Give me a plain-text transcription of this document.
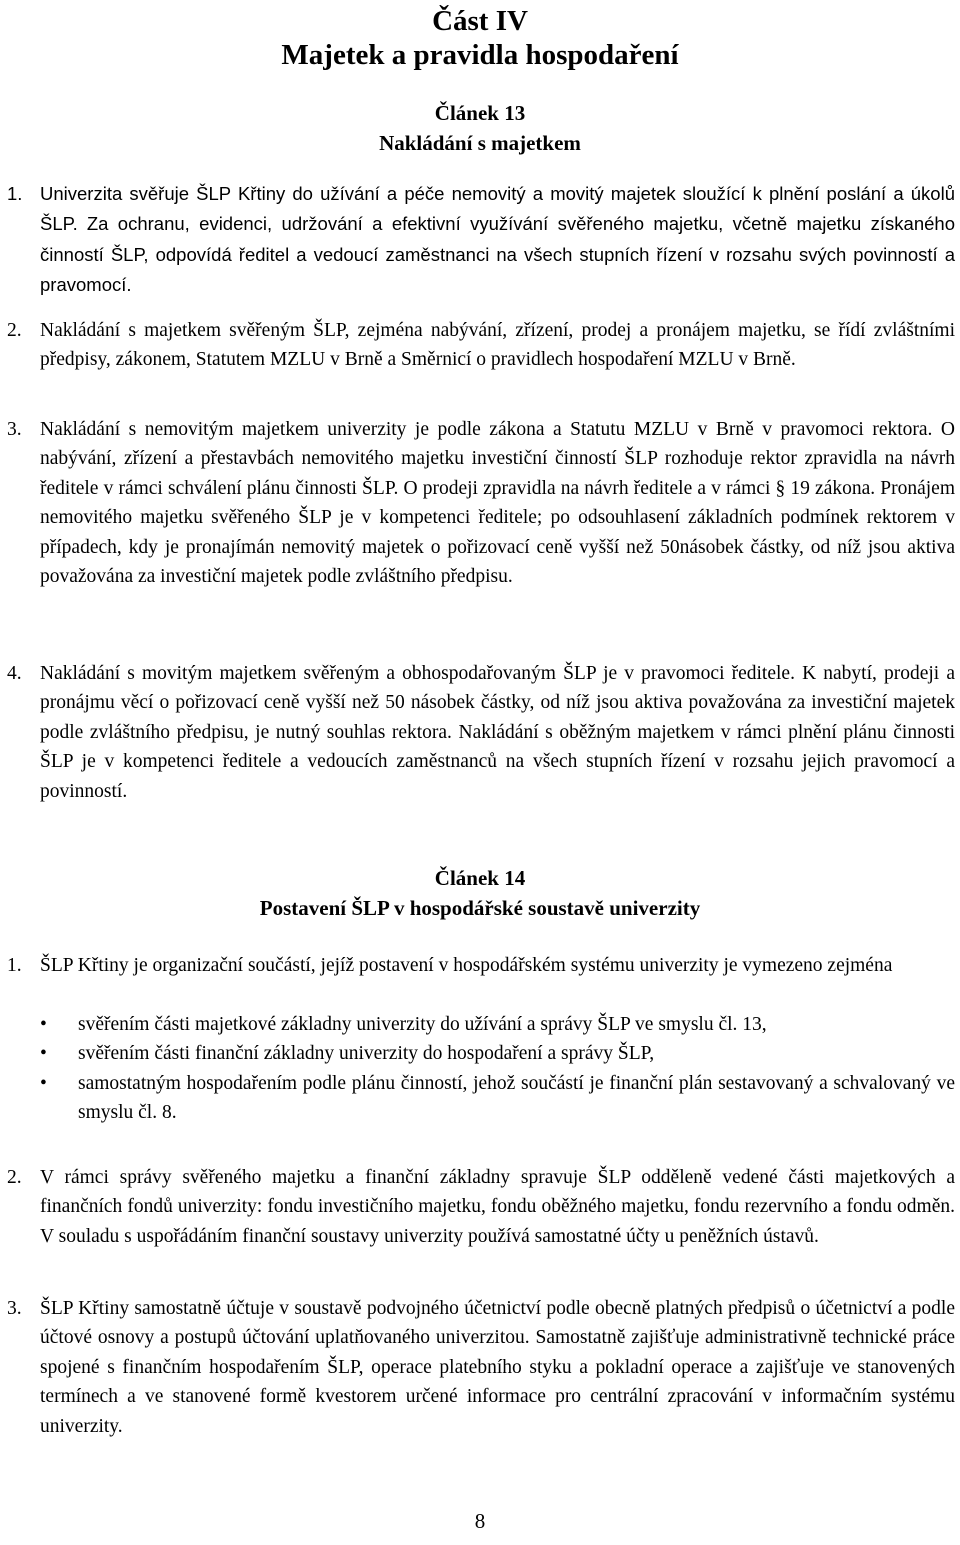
Část IV
Majetek a pravidla hospodaření
Článek 13
Nakládání s majetkem
1. Univerzita svěřuje ŠLP Křtiny do užívání a péče nemovitý a movitý majetek sloužící k plnění poslání a úkolů ŠLP. Za ochranu, evidenci, udržování a efektivní využívání svěřeného majetku, včetně majetku získaného činností ŠLP, odpovídá ředitel a vedoucí zaměstnanci na všech stupních řízení v rozsahu svých povinností a pravomocí.
2. Nakládání s majetkem svěřeným ŠLP, zejména nabývání, zřízení, prodej a pronájem majetku, se řídí zvláštními předpisy, zákonem, Statutem MZLU v Brně a Směrnicí o pravidlech hospodaření MZLU v Brně.
3. Nakládání s nemovitým majetkem univerzity je podle zákona a Statutu MZLU v Brně v pravomoci rektora. O nabývání, zřízení a přestavbách nemovitého majetku investiční činností ŠLP rozhoduje rektor zpravidla na návrh ředitele v rámci schválení plánu činnosti ŠLP. O prodeji zpravidla na návrh ředitele a v rámci § 19 zákona. Pronájem nemovitého majetku svěřeného ŠLP je v kompetenci ředitele; po odsouhlasení základních podmínek rektorem v případech, kdy je pronajímán nemovitý majetek o pořizovací ceně vyšší než 50násobek částky, od níž jsou aktiva považována za investiční majetek podle zvláštního předpisu.
4. Nakládání s movitým majetkem svěřeným a obhospodařovaným ŠLP je v pravomoci ředitele. K nabytí, prodeji a pronájmu věcí o pořizovací ceně vyšší než 50 násobek částky, od níž jsou aktiva považována za investiční majetek podle zvláštního předpisu, je nutný souhlas rektora. Nakládání s oběžným majetkem v rámci plnění plánu činnosti ŠLP je v kompetenci ředitele a vedoucích zaměstnanců na všech stupních řízení v rozsahu jejich pravomocí a povinností.
Článek 14
Postavení ŠLP v hospodářské soustavě univerzity
1. ŠLP Křtiny je organizační součástí, jejíž postavení v hospodářském systému univerzity je vymezeno zejména
• svěřením části majetkové základny univerzity do užívání a správy ŠLP ve smyslu čl. 13,
• svěřením části finanční základny univerzity do hospodaření a správy ŠLP,
• samostatným hospodařením podle plánu činností, jehož součástí je finanční plán sestavovaný a schvalovaný ve smyslu čl. 8.
2. V rámci správy svěřeného majetku a finanční základny spravuje ŠLP odděleně vedené části majetkových a finančních fondů univerzity: fondu investičního majetku, fondu oběžného majetku, fondu rezervního a fondu odměn. V souladu s uspořádáním finanční soustavy univerzity používá samostatné účty u peněžních ústavů.
3. ŠLP Křtiny samostatně účtuje v soustavě podvojného účetnictví podle obecně platných předpisů o účetnictví a podle účtové osnovy a postupů účtování uplatňovaného univerzitou. Samostatně zajišťuje administrativně technické práce spojené s finančním hospodařením ŠLP, operace platebního styku a pokladní operace a zajišťuje ve stanovených termínech a ve stanovené formě kvestorem určené informace pro centrální zpracování v informačním systému univerzity.
8
